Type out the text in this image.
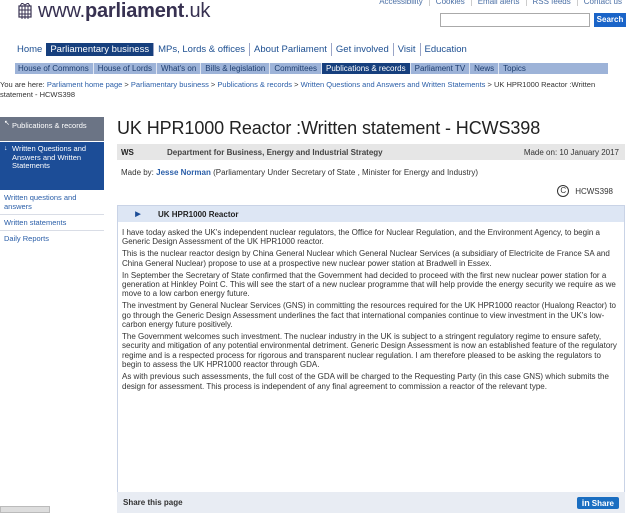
www.parliament.uk	Accessibility	Cookies	Email alerts	RSS feeds	Contact us
Search
Home Parliamentary business MPs, Lords & offices About Parliament Get involved Visit Education
House of Commons	House of Lords	What's on	Bills & legislation	Committees	Publications & records	Parliament TV	News	Topics
You are here: Parliament home page > Parliamentary business > Publications & records > Written Questions and Answers and Written Statements > UK HPR1000 Reactor :Written statement - HCWS398
↖ Publications & records
↓ Written Questions and Answers and Written Statements
Written questions and answers
Written statements
Daily Reports
UK HPR1000 Reactor :Written statement - HCWS398
WS	Department for Business, Energy and Industrial Strategy	Made on: 10 January 2017
Made by: Jesse Norman (Parliamentary Under Secretary of State , Minister for Energy and Industry)
C	HCWS398
▶	UK HPR1000 Reactor

I have today asked the UK's independent nuclear regulators, the Office for Nuclear Regulation, and the Environment Agency, to begin a Generic Design Assessment of the UK HPR1000 reactor.

This is the nuclear reactor design by China General Nuclear which General Nuclear Services (a subsidiary of Electricite de France SA and China General Nuclear) propose to use at a prospective new nuclear power station at Bradwell in Essex.

In September the Secretary of State confirmed that the Government had decided to proceed with the first new nuclear power station for a generation at Hinkley Point C. This will see the start of a new nuclear programme that will help provide the energy security we require as we move to a low carbon energy future.

The investment by General Nuclear Services (GNS) in committing the resources required for the UK HPR1000 reactor (Hualong Reactor) to go through the Generic Design Assessment underlines the fact that international companies continue to view investment in the UK's low-carbon energy future positively.

The Government welcomes such investment. The nuclear industry in the UK is subject to a stringent regulatory regime to ensure safety, security and mitigation of any potential environmental detriment. Generic Design Assessment is now an established feature of the regulatory regime and is a respected process for rigorous and transparent nuclear regulation. I am therefore pleased to be asking the regulators to begin to assess the UK HPR1000 reactor through GDA.

As with previous such assessments, the full cost of the GDA will be charged to the Requesting Party (in this case GNS) which submits the design for assessment. This process is independent of any final agreement to commission a reactor of the relevant type.

Share this page	in Share
